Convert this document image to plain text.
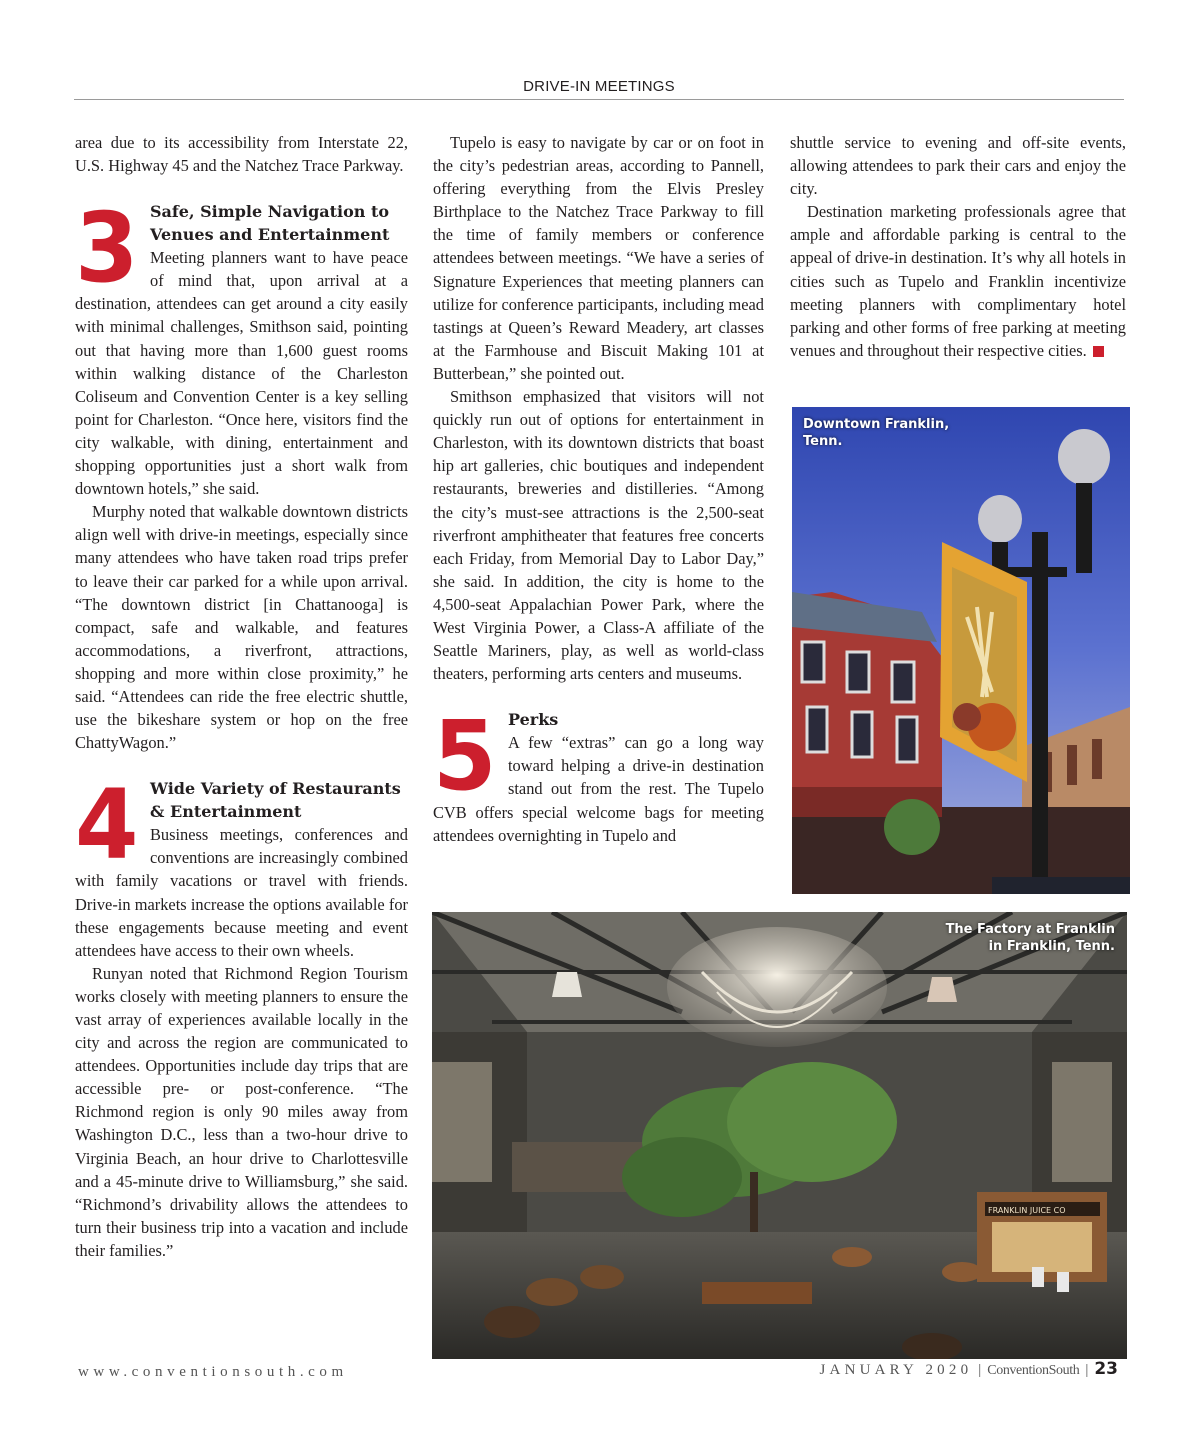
DRIVE-IN MEETINGS

area due to its accessibility from Interstate 22, U.S. Highway 45 and the Natchez Trace Parkway.

3 Safe, Simple Navigation to

Venues and Entertainment

Meeting planners want to have peace of mind that, upon arrival at a destination, attendees can get around a city easily with minimal challenges, Smithson said, pointing out that having more than 1,600 guest rooms within walking distance of the Charleston Coliseum and Convention Center is a key selling point for Charleston. “Once here, visitors find the city walkable, with dining, entertainment and shopping opportunities just a short walk from downtown hotels,” she said.

Murphy noted that walkable downtown districts align well with drive-in meetings, especially since many attendees who have taken road trips prefer to leave their car parked for a while upon arrival. “The downtown district [in Chattanooga] is compact, safe and walkable, and features accommodations, a riverfront, attractions, shopping and more within close proximity,” he said. “Attendees can ride the free electric shuttle, use the bikeshare system or hop on the free ChattyWagon.”

4 Wide Variety of Restaurants

& Entertainment

Business meetings, conferences and conventions are increasingly combined with family vacations or travel with friends. Drive-in markets increase the options available for these engagements because meeting and event attendees have access to their own wheels.

Runyan noted that Richmond Region Tourism works closely with meeting planners to ensure the vast array of experiences available locally in the city and across the region are communicated to attendees. Opportunities include day trips that are accessible pre- or post-conference. “The Richmond region is only 90 miles away from Washington D.C., less than a two-hour drive to Virginia Beach, an hour drive to Charlottesville and a 45-minute drive to Williamsburg,” she said. “Richmond’s drivability allows the attendees to turn their business trip into a vacation and include their families.”

Tupelo is easy to navigate by car or on foot in the city’s pedestrian areas, according to Pannell, offering everything from the Elvis Presley Birthplace to the Natchez Trace Parkway to fill the time of family members or conference attendees between meetings. “We have a series of Signature Experiences that meeting planners can utilize for conference participants, including mead tastings at Queen’s Reward Meadery, art classes at the Farmhouse and Biscuit Making 101 at Butterbean,” she pointed out.

Smithson emphasized that visitors will not quickly run out of options for entertainment in Charleston, with its downtown districts that boast hip art galleries, chic boutiques and independent restaurants, breweries and distilleries. “Among the city’s must-see attractions is the 2,500-seat riverfront amphitheater that features free concerts each Friday, from Memorial Day to Labor Day,” she said. In addition, the city is home to the 4,500-seat Appalachian Power Park, where the West Virginia Power, a Class-A affiliate of the Seattle Mariners, play, as well as world-class theaters, performing arts centers and museums.

5 Perks

A few “extras” can go a long way toward helping a drive-in destination stand out from the rest. The Tupelo CVB offers special welcome bags for meeting attendees overnighting in Tupelo and

shuttle service to evening and off-site events, allowing attendees to park their cars and enjoy the city.

Destination marketing professionals agree that ample and affordable parking is central to the appeal of drive-in destination. It’s why all hotels in cities such as Tupelo and Franklin incentivize meeting planners with complimentary hotel parking and other forms of free parking at meeting venues and throughout their respective cities.

Downtown Franklin,
Tenn.
FRANKLIN JUICE CO
The Factory at Franklin
in Franklin, Tenn.
www.conventionsouth.com	JANUARY 2020 | ConventionSouth | 23
